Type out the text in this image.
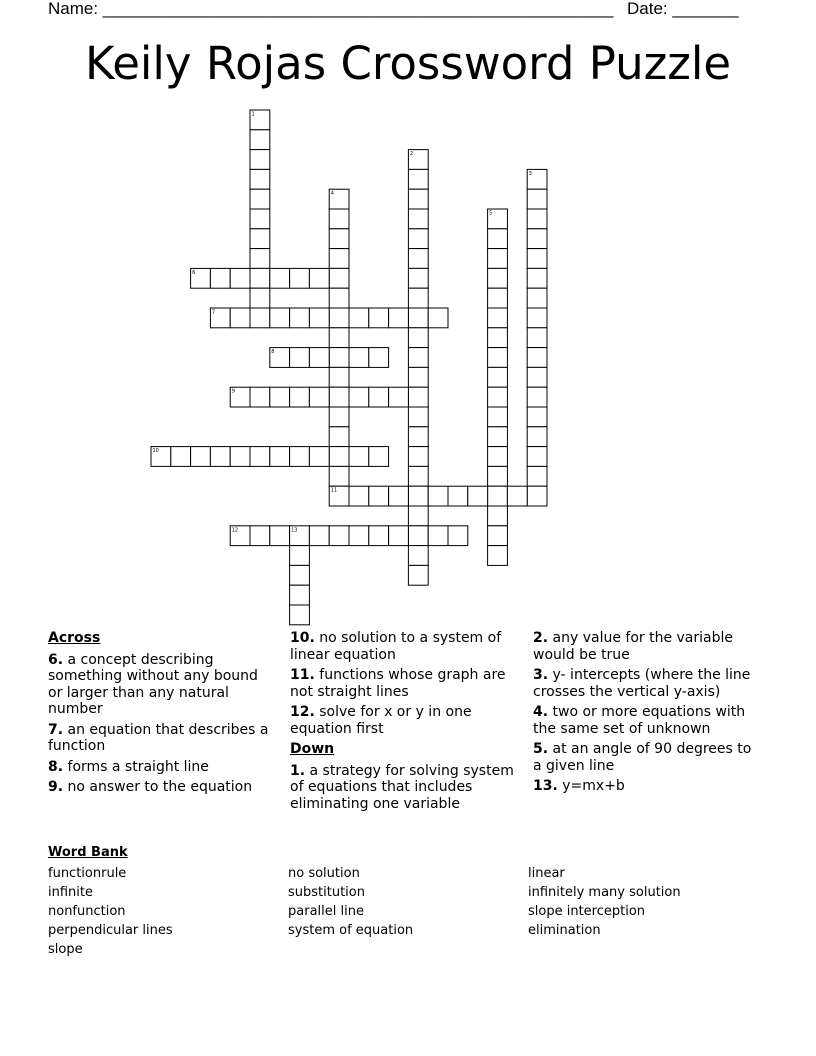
Name: ______________________________________________________ Date: _______
Keily Rojas Crossword Puzzle
1
2
3
4
5
6
7
8
9
10
11
12	13
Across
6. a concept describing something without any bound or larger than any natural number
7. an equation that describes a function
8. forms a straight line
9. no answer to the equation
10. no solution to a system of linear equation
11. functions whose graph are not straight lines
12. solve for x or y in one equation first
Down
1. a strategy for solving system of equations that includes eliminating one variable
2. any value for the variable would be true
3. y- intercepts (where the line crosses the vertical y-axis)
4. two or more equations with the same set of unknown
5. at an angle of 90 degrees to a given line
13. y=mx+b
Word Bank
functionrule
infinite
nonfunction
perpendicular lines
slope
no solution
substitution
parallel line
system of equation
linear
infinitely many solution
slope interception
elimination
